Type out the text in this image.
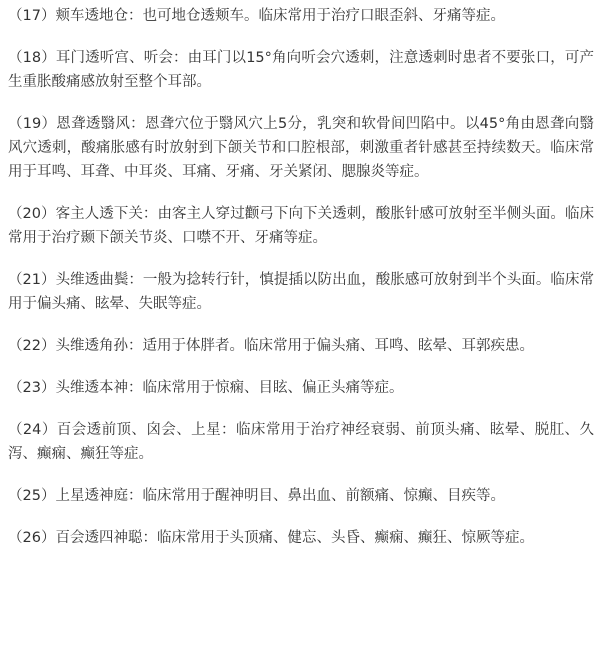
（17）颊车透地仓：也可地仓透颊车。临床常用于治疗口眼歪斜、牙痛等症。

（18）耳门透听宫、听会：由耳门以15°角向听会穴透刺，注意透刺时患者不要张口，可产生重胀酸痛感放射至整个耳部。

（19）恩聋透翳风：恩聋穴位于翳风穴上5分，乳突和软骨间凹陷中。以45°角由恩聋向翳风穴透刺，酸痛胀感有时放射到下颌关节和口腔根部，刺激重者针感甚至持续数天。临床常用于耳鸣、耳聋、中耳炎、耳痛、牙痛、牙关紧闭、腮腺炎等症。

（20）客主人透下关：由客主人穿过颧弓下向下关透刺，酸胀针感可放射至半侧头面。临床常用于治疗颞下颌关节炎、口噤不开、牙痛等症。

（21）头维透曲鬓：一般为捻转行针，慎提插以防出血，酸胀感可放射到半个头面。临床常用于偏头痛、眩晕、失眠等症。

（22）头维透角孙：适用于体胖者。临床常用于偏头痛、耳鸣、眩晕、耳郭疾患。

（23）头维透本神：临床常用于惊痫、目眩、偏正头痛等症。

（24）百会透前顶、囟会、上星：临床常用于治疗神经衰弱、前顶头痛、眩晕、脱肛、久泻、癫痫、癫狂等症。

（25）上星透神庭：临床常用于醒神明目、鼻出血、前额痛、惊癫、目疾等。

（26）百会透四神聪：临床常用于头顶痛、健忘、头昏、癫痫、癫狂、惊厥等症。
